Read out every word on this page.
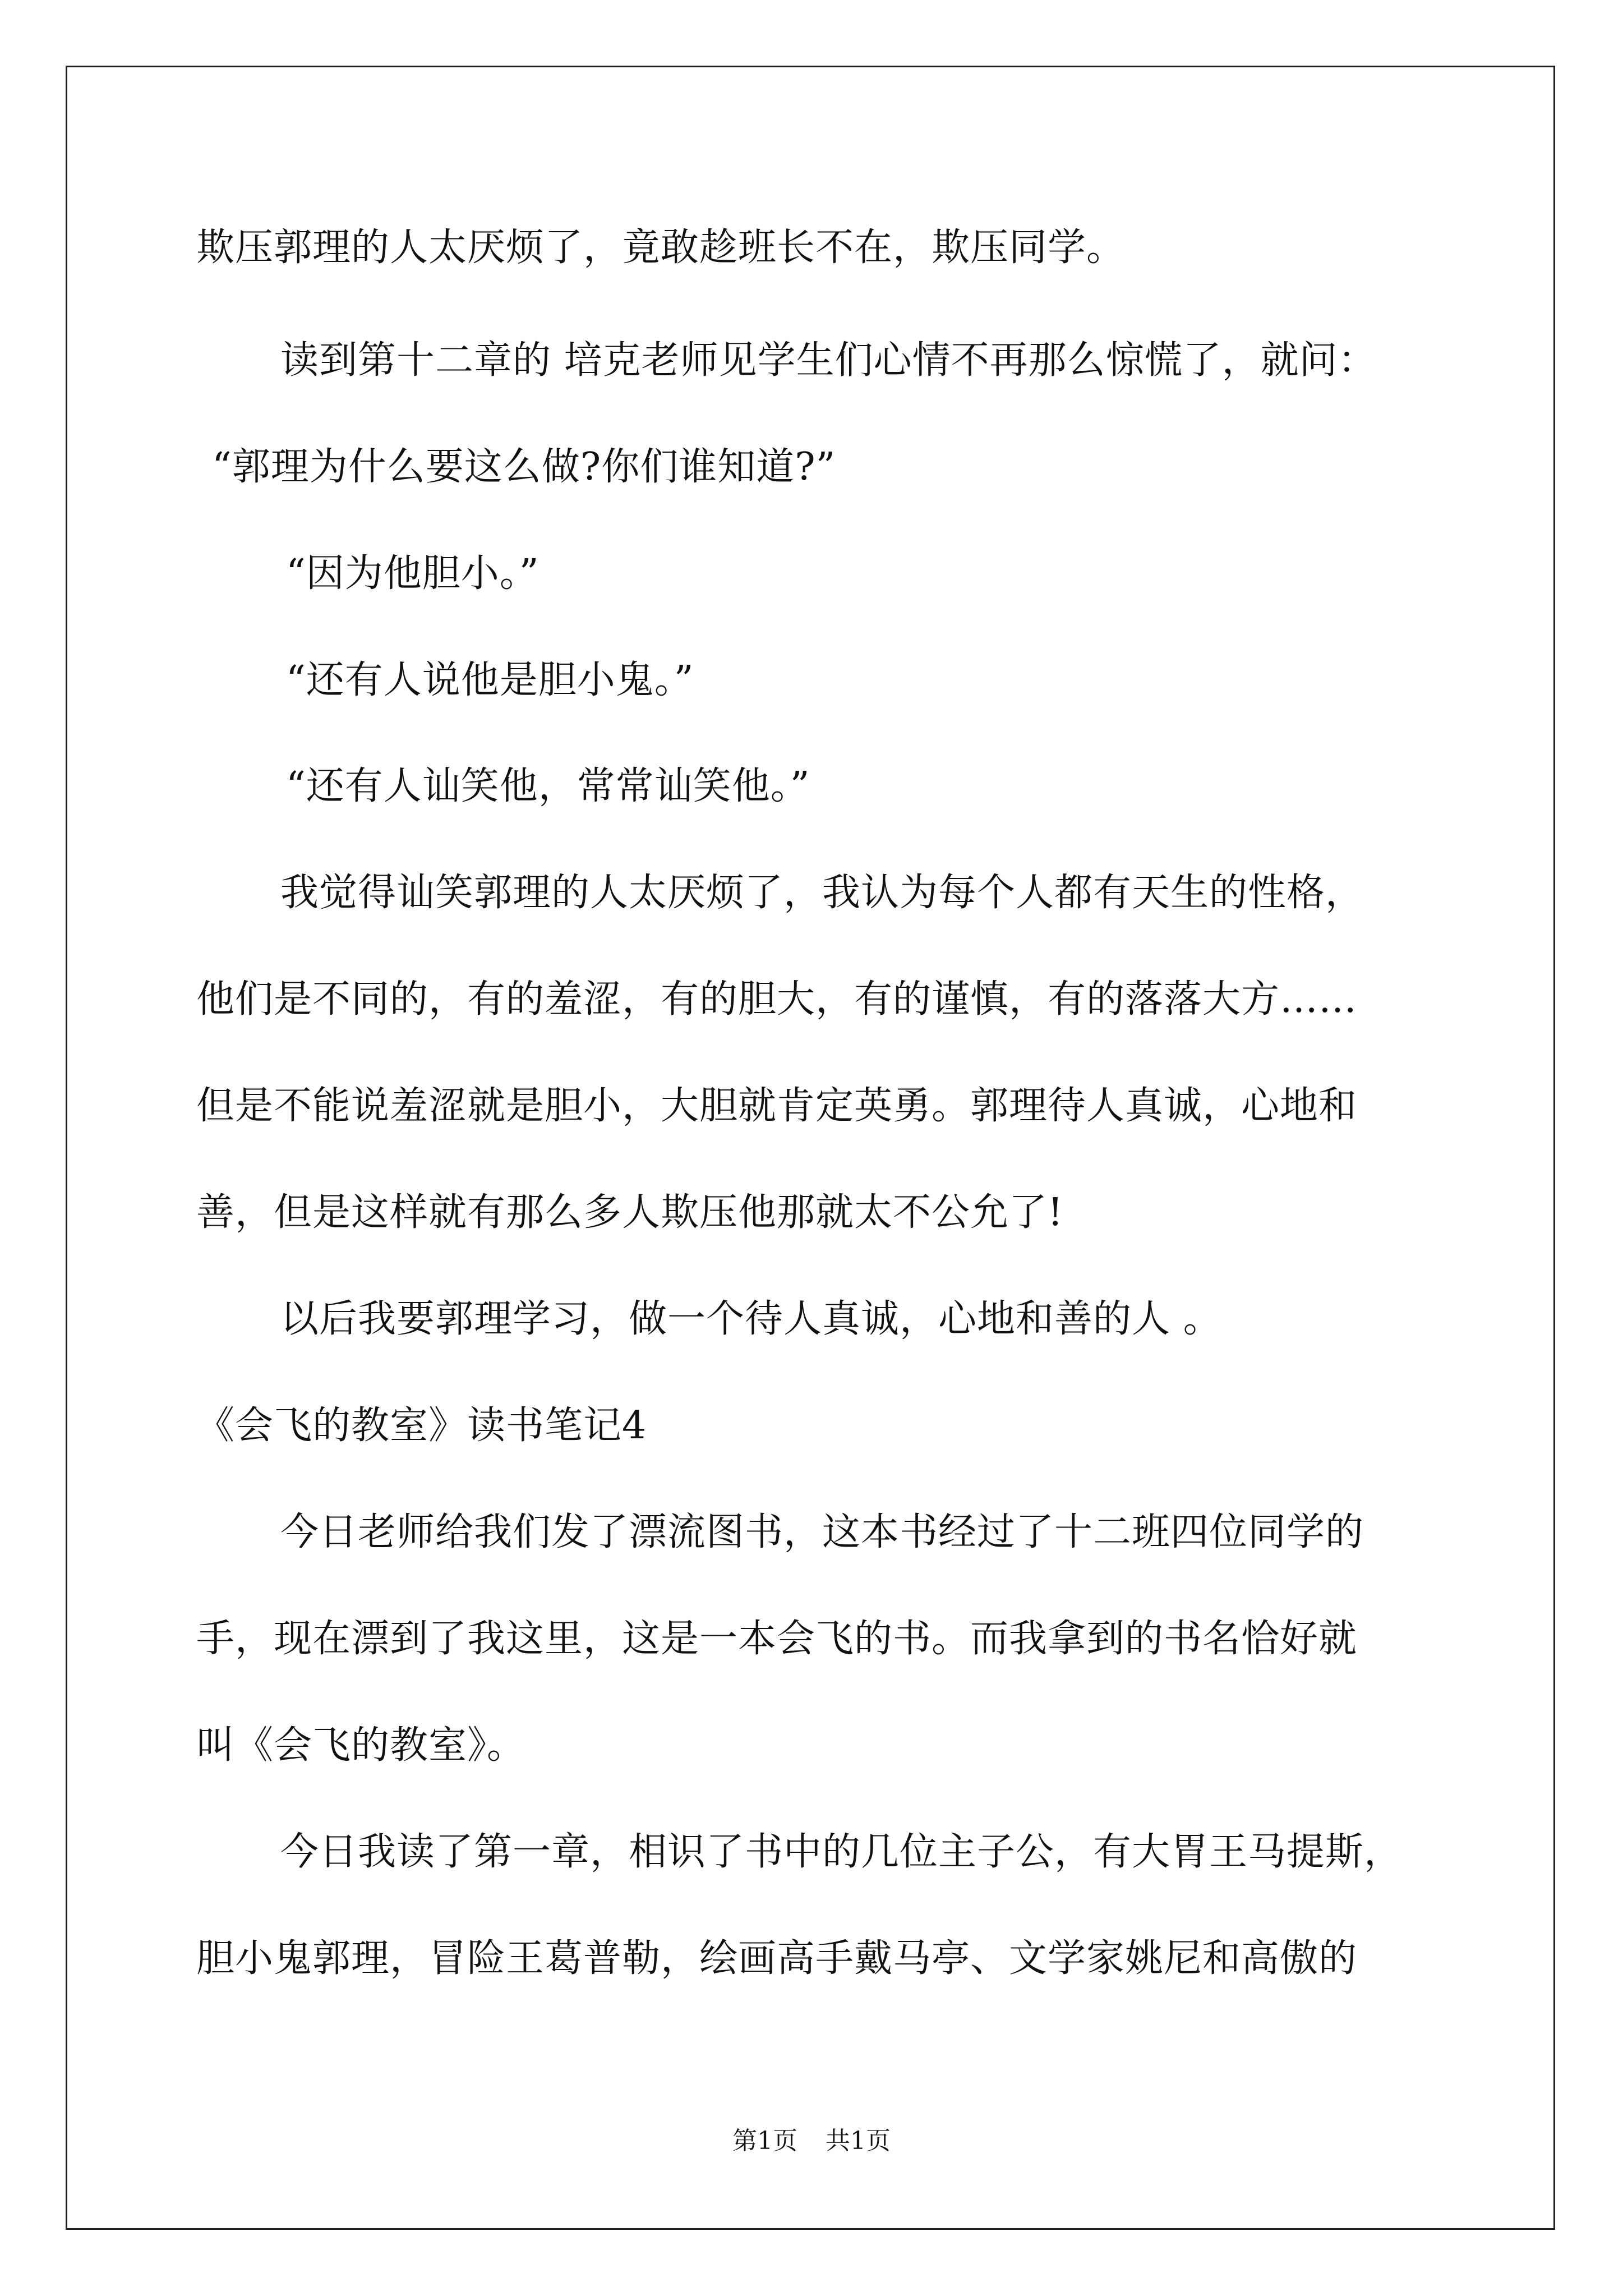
欺压郭理的人太厌烦了，竟敢趁班长不在，欺压同学。
读到第十二章的 培克老师见学生们心情不再那么惊慌了，就问：
“郭理为什么要这么做?你们谁知道?”
“因为他胆小。”
“还有人说他是胆小鬼。”
“还有人讪笑他，常常讪笑他。”
我觉得讪笑郭理的人太厌烦了，我认为每个人都有天生的性格，
他们是不同的，有的羞涩，有的胆大，有的谨慎，有的落落大方……
但是不能说羞涩就是胆小，大胆就肯定英勇。郭理待人真诚，心地和
善，但是这样就有那么多人欺压他那就太不公允了!
以后我要郭理学习，做一个待人真诚，心地和善的人 。
《会飞的教室》读书笔记4
今日老师给我们发了漂流图书，这本书经过了十二班四位同学的
手，现在漂到了我这里，这是一本会飞的书。而我拿到的书名恰好就
叫《会飞的教室》。
今日我读了第一章，相识了书中的几位主子公，有大胃王马提斯，
胆小鬼郭理，冒险王葛普勒，绘画高手戴马亭、文学家姚尼和高傲的
第1页 共1页
